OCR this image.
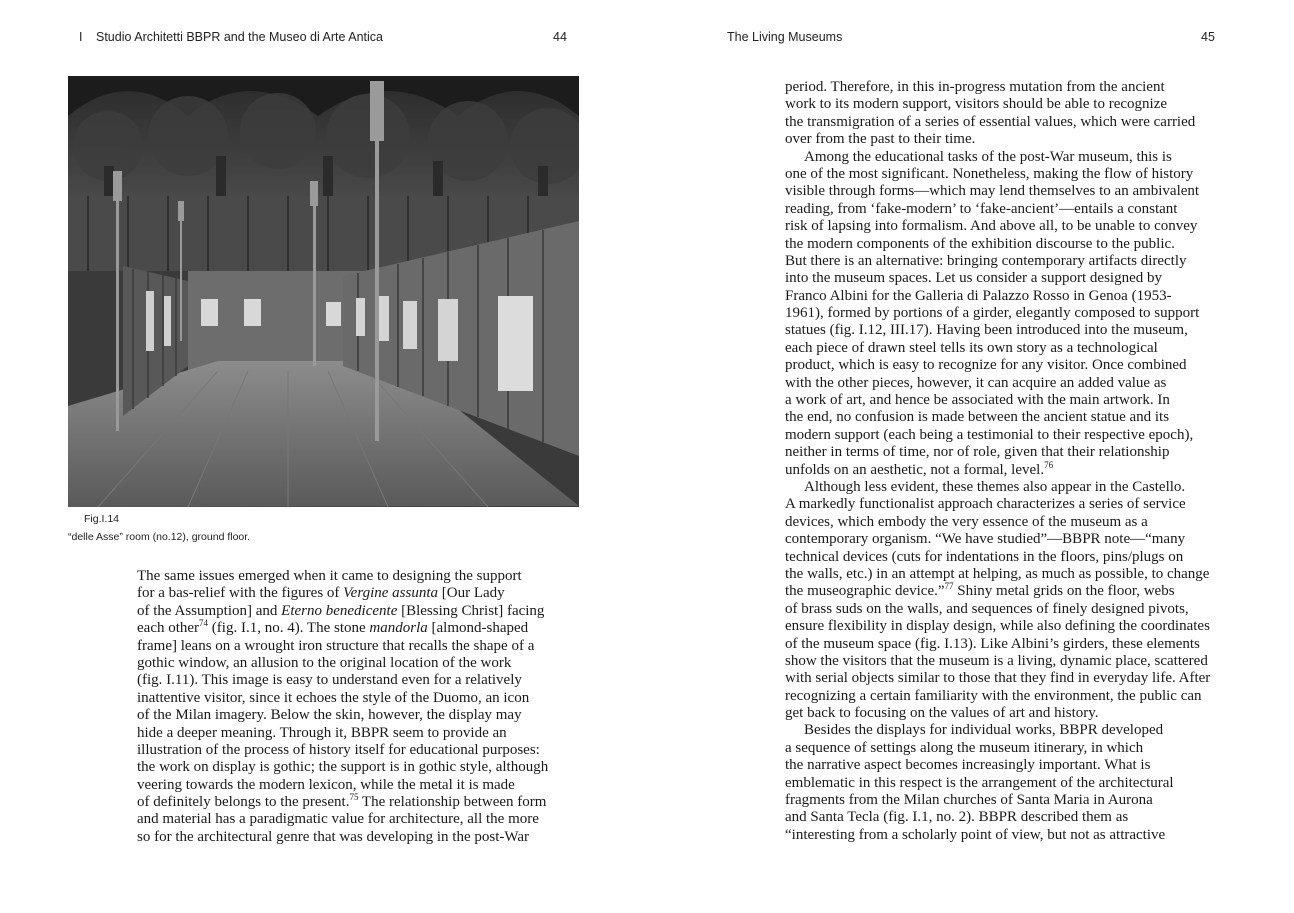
I Studio Architetti BBPR and the Museo di Arte Antica	44	The Living Museums	45
Fig.I.14
“delle Asse” room (no.12), ground floor.
The same issues emerged when it came to designing the support
for a bas-relief with the figures of Vergine assunta [Our Lady
of the Assumption] and Eterno benedicente [Blessing Christ] facing
each other$^{74}$ (fig. I.1, no. 4). The stone mandorla [almond-shaped
frame] leans on a wrought iron structure that recalls the shape of a
gothic window, an allusion to the original location of the work
(fig. I.11). This image is easy to understand even for a relatively
inattentive visitor, since it echoes the style of the Duomo, an icon
of the Milan imagery. Below the skin, however, the display may
hide a deeper meaning. Through it, BBPR seem to provide an
illustration of the process of history itself for educational purposes:
the work on display is gothic; the support is in gothic style, although
veering towards the modern lexicon, while the metal it is made
of definitely belongs to the present.$^{75}$ The relationship between form
and material has a paradigmatic value for architecture, all the more
so for the architectural genre that was developing in the post-War
period. Therefore, in this in-progress mutation from the ancient
work to its modern support, visitors should be able to recognize
the transmigration of a series of essential values, which were carried
over from the past to their time.
Among the educational tasks of the post-War museum, this is
one of the most significant. Nonetheless, making the flow of history
visible through forms—which may lend themselves to an ambivalent
reading, from ‘fake-modern’ to ‘fake-ancient’—entails a constant
risk of lapsing into formalism. And above all, to be unable to convey
the modern components of the exhibition discourse to the public.
But there is an alternative: bringing contemporary artifacts directly
into the museum spaces. Let us consider a support designed by
Franco Albini for the Galleria di Palazzo Rosso in Genoa (1953-
1961), formed by portions of a girder, elegantly composed to support
statues (fig. I.12, III.17). Having been introduced into the museum,
each piece of drawn steel tells its own story as a technological
product, which is easy to recognize for any visitor. Once combined
with the other pieces, however, it can acquire an added value as
a work of art, and hence be associated with the main artwork. In
the end, no confusion is made between the ancient statue and its
modern support (each being a testimonial to their respective epoch),
neither in terms of time, nor of role, given that their relationship
unfolds on an aesthetic, not a formal, level.$^{76}$
Although less evident, these themes also appear in the Castello.
A markedly functionalist approach characterizes a series of service
devices, which embody the very essence of the museum as a
contemporary organism. “We have studied”—BBPR note—“many
technical devices (cuts for indentations in the floors, pins/plugs on
the walls, etc.) in an attempt at helping, as much as possible, to change
the museographic device.”$^{77}$ Shiny metal grids on the floor, webs
of brass suds on the walls, and sequences of finely designed pivots,
ensure flexibility in display design, while also defining the coordinates
of the museum space (fig. I.13). Like Albini’s girders, these elements
show the visitors that the museum is a living, dynamic place, scattered
with serial objects similar to those that they find in everyday life. After
recognizing a certain familiarity with the environment, the public can
get back to focusing on the values of art and history.
Besides the displays for individual works, BBPR developed
a sequence of settings along the museum itinerary, in which
the narrative aspect becomes increasingly important. What is
emblematic in this respect is the arrangement of the architectural
fragments from the Milan churches of Santa Maria in Aurona
and Santa Tecla (fig. I.1, no. 2). BBPR described them as
“interesting from a scholarly point of view, but not as attractive
